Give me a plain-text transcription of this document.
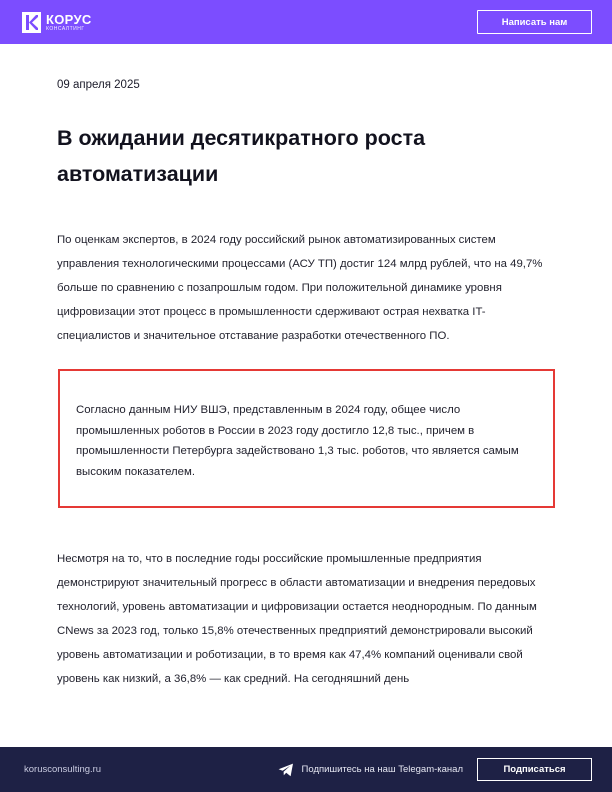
КОРУС
КОНСАЛТИНГ
Написать нам
09 апреля 2025
В ожидании десятикратного роста автоматизации

По оценкам экспертов, в 2024 году российский рынок автоматизированных систем управления технологическими процессами (АСУ ТП) достиг 124 млрд рублей, что на 49,7% больше по сравнению с позапрошлым годом. При положительной динамике уровня цифровизации этот процесс в промышленности сдерживают острая нехватка IT-специалистов и значительное отставание разработки отечественного ПО.

Согласно данным НИУ ВШЭ, представленным в 2024 году, общее число промышленных роботов в России в 2023 году достигло 12,8 тыс., причем в промышленности Петербурга задействовано 1,3 тыс. роботов, что является самым высоким показателем.

Несмотря на то, что в последние годы российские промышленные предприятия демонстрируют значительный прогресс в области автоматизации и внедрения передовых технологий, уровень автоматизации и цифровизации остается неоднородным. По данным CNews за 2023 год, только 15,8% отечественных предприятий демонстрировали высокий уровень автоматизации и роботизации, в то время как 47,4% компаний оценивали свой уровень как низкий, а 36,8% — как средний. На сегодняшний день

korusconsulting.ru	Подпишитесь на наш Telegam-канал	Подписаться
